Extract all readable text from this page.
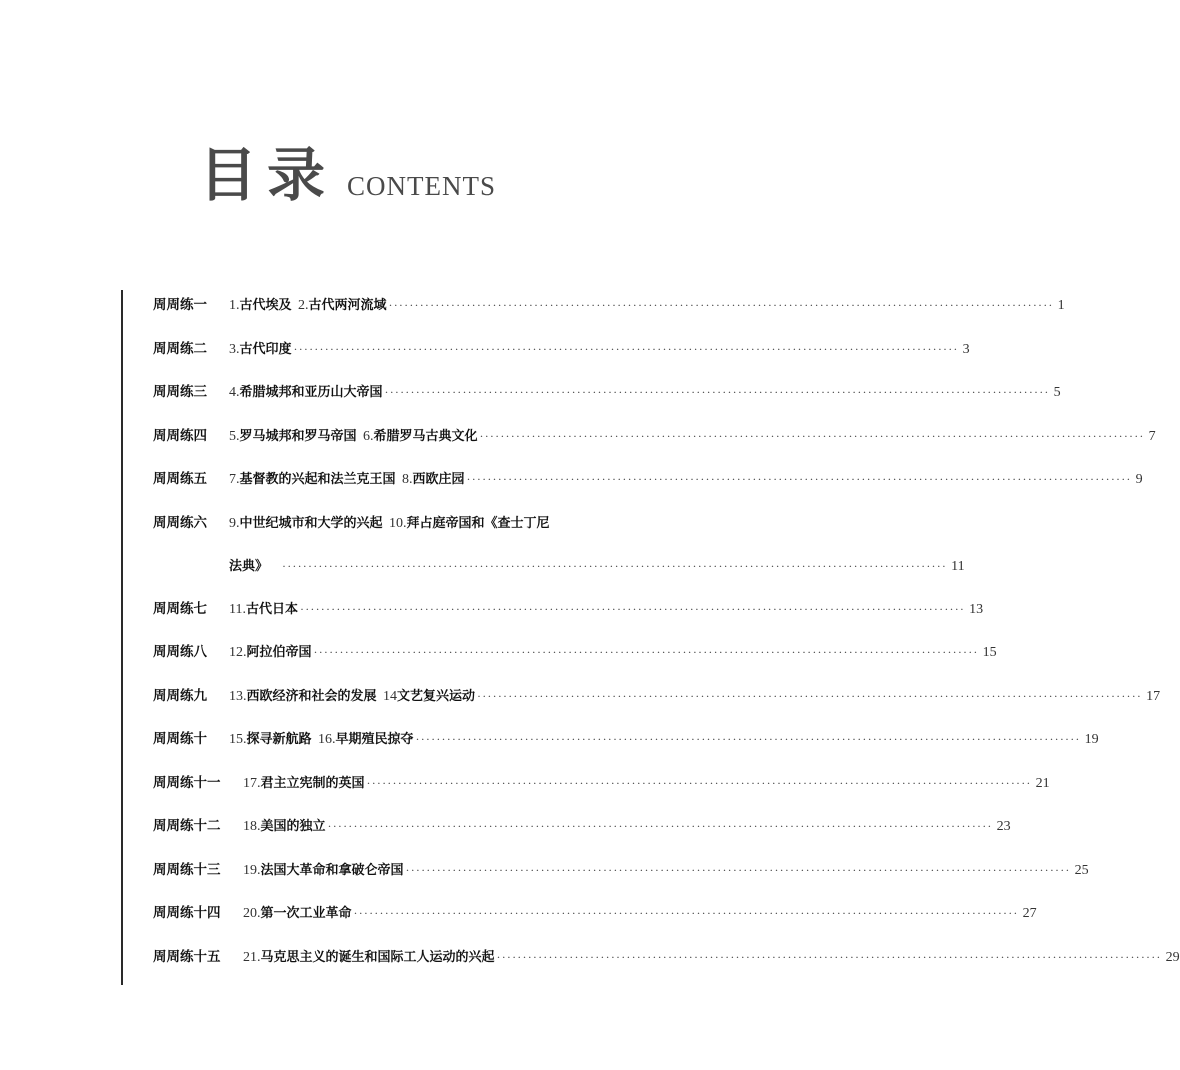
目录 CONTENTS
周周练一	1.古代埃及  2.古代两河流域 ·····	1
周周练二	3.古代印度 ·····	3
周周练三	4.希腊城邦和亚历山大帝国 ·····	5
周周练四	5.罗马城邦和罗马帝国  6.希腊罗马古典文化 ·····	7
周周练五	7.基督教的兴起和法兰克王国  8.西欧庄园 ·····	9
周周练六	9.中世纪城市和大学的兴起  10.拜占庭帝国和《查士丁尼
法典》 ·····	11
周周练七	11.古代日本 ·····	13
周周练八	12.阿拉伯帝国 ·····	15
周周练九	13.西欧经济和社会的发展  14文艺复兴运动 ·····	17
周周练十	15.探寻新航路  16.早期殖民掠夺 ·····	19
周周练十一	17.君主立宪制的英国 ·····	21
周周练十二	18.美国的独立 ·····	23
周周练十三	19.法国大革命和拿破仑帝国 ·····	25
周周练十四	20.第一次工业革命 ·····	27
周周练十五	21.马克思主义的诞生和国际工人运动的兴起 ·····	29
